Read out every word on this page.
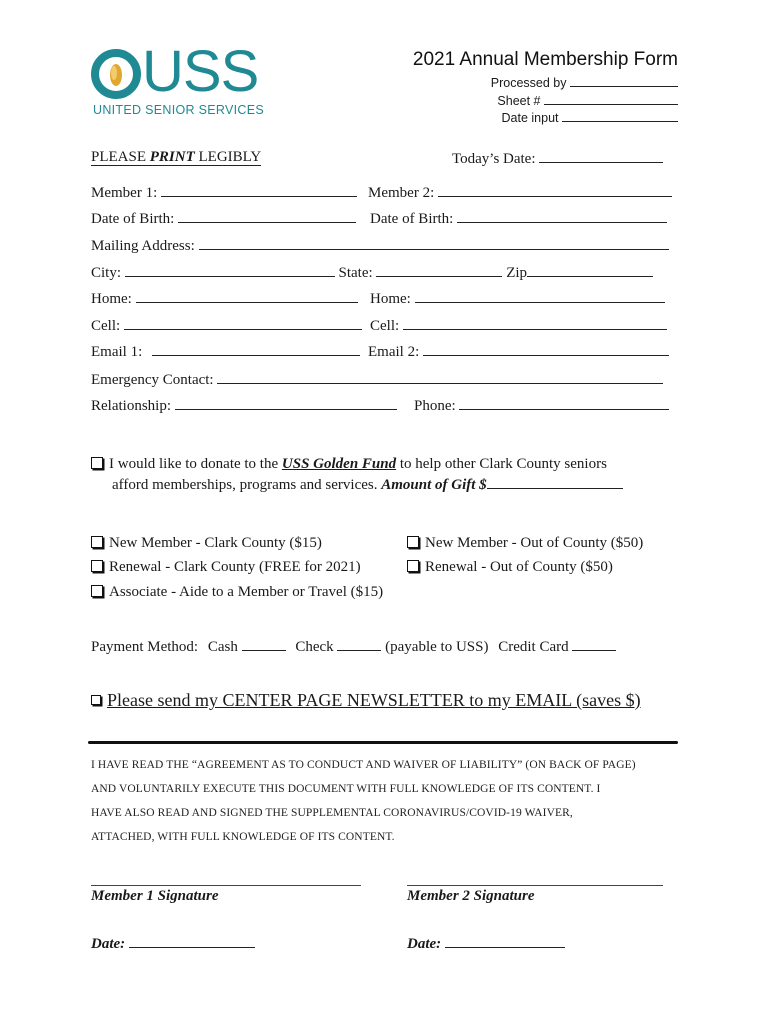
USS
UNITED SENIOR SERVICES
2021 Annual Membership Form
Processed by
Sheet #
Date input
PLEASE PRINT LEGIBLY	Today’s Date:
Member 1:	Member 2:
Date of Birth:	Date of Birth:
Mailing Address:
City:	State:	Zip
Home:	Home:
Cell:	Cell:
Email 1:	Email 2:
Emergency Contact:
Relationship:	Phone:
I would like to donate to the USS Golden Fund to help other Clark County seniors
afford memberships, programs and services. Amount of Gift $
New Member - Clark County ($15)	New Member - Out of County ($50)
Renewal - Clark County (FREE for 2021)	Renewal - Out of County ($50)
Associate - Aide to a Member or Travel ($15)
Payment Method: Cash	Check	(payable to USS) Credit Card
Please send my CENTER PAGE NEWSLETTER to my EMAIL (saves $)
I HAVE READ THE “AGREEMENT AS TO CONDUCT AND WAIVER OF LIABILITY” (ON BACK OF PAGE)
AND VOLUNTARILY EXECUTE THIS DOCUMENT WITH FULL KNOWLEDGE OF ITS CONTENT. I
HAVE ALSO READ AND SIGNED THE SUPPLEMENTAL CORONAVIRUS/COVID-19 WAIVER,
ATTACHED, WITH FULL KNOWLEDGE OF ITS CONTENT.
Member 1 Signature	Member 2 Signature
Date:	Date:
